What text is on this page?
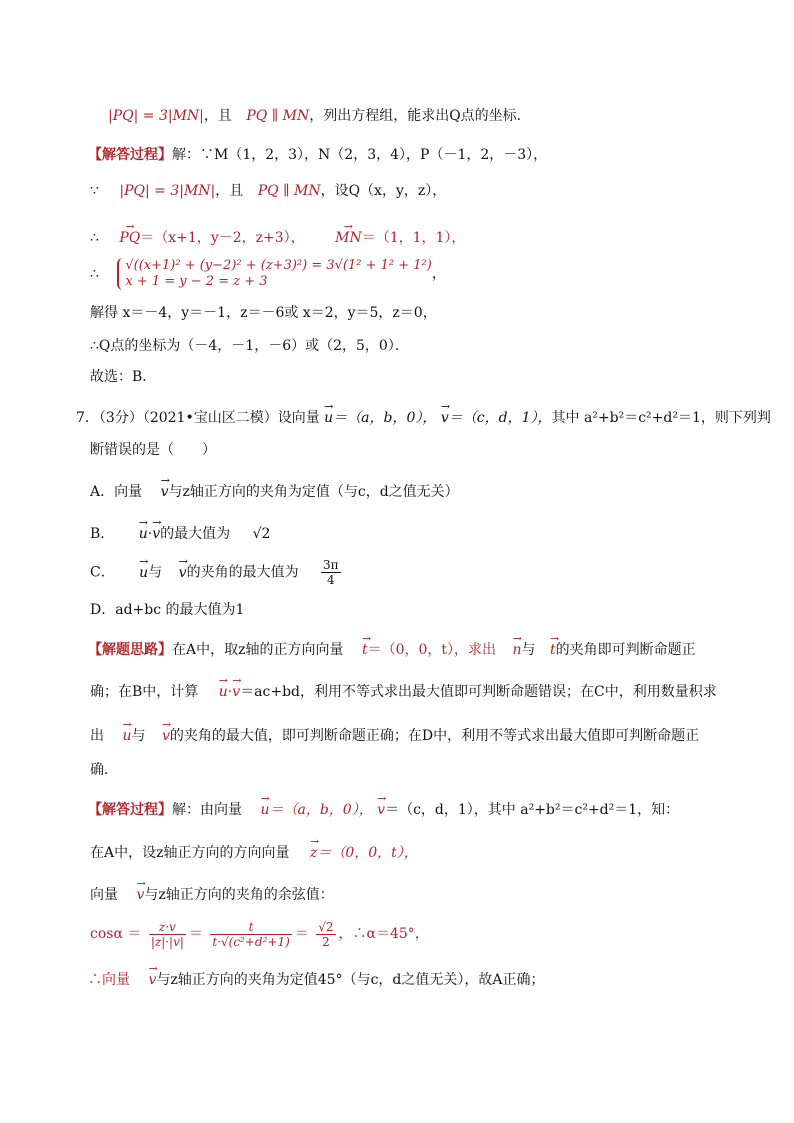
|PQ| = 3|MN|，且 PQ ∥ MN，列出方程组，能求出Q点的坐标．
【解答过程】解：∵M（1，2，3），N（2，3，4），P（－1，2，－3），
∵ |PQ| = 3|MN|，且 PQ ∥ MN，设Q（x，y，z），
∴ → PQ＝（x+1，y－2，z+3）， → MN＝（1，1，1），
∴
√((x+1)² + (y−2)² + (z+3)²) = 3√(1² + 1² + 1²)
x + 1 = y − 2 = z + 3	，
解得 x＝－4，y＝－1，z＝－6或 x＝2，y＝5，z＝0，
∴Q点的坐标为（－4，－1，－6）或（2，5，0）．
故选：B．
7．（3分）（2021•宝山区二模）设向量 → u＝（a，b，0）， → v＝（c，d，1），其中 a²+b²＝c²+d²＝1，则下列判
断错误的是（　　）
A．向量 → v与z轴正方向的夹角为定值（与c，d之值无关）
B． → u·→ v的最大值为 √2
C． → u与 → v的夹角的最大值为 $\frac{3\pi}{4}$
D．ad+bc 的最大值为1
【解题思路】在A中，取z轴的正方向向量 → t＝（0，0，t），求出 → n与 → t的夹角即可判断命题正
确；在B中，计算 → u·→ v＝ac+bd，利用不等式求出最大值即可判断命题错误；在C中，利用数量积求
出 → u与 → v的夹角的最大值，即可判断命题正确；在D中，利用不等式求出最大值即可判断命题正
确．
【解答过程】解：由向量 → u＝（a，b，0）， → v＝（c，d，1），其中 a²+b²＝c²+d²＝1，知：
在A中，设z轴正方向的方向向量 → z＝（0，0，t），
向量 → v与z轴正方向的夹角的余弦值：
$\cos\alpha = \frac{z\cdot v}{|z|\cdot|v|} = \frac{t}{\text{t·√(c²+d²+1)}} = \frac{√2}{2}$ ，∴α＝45°，
∴向量 → v与z轴正方向的夹角为定值45°（与c，d之值无关），故A正确；
